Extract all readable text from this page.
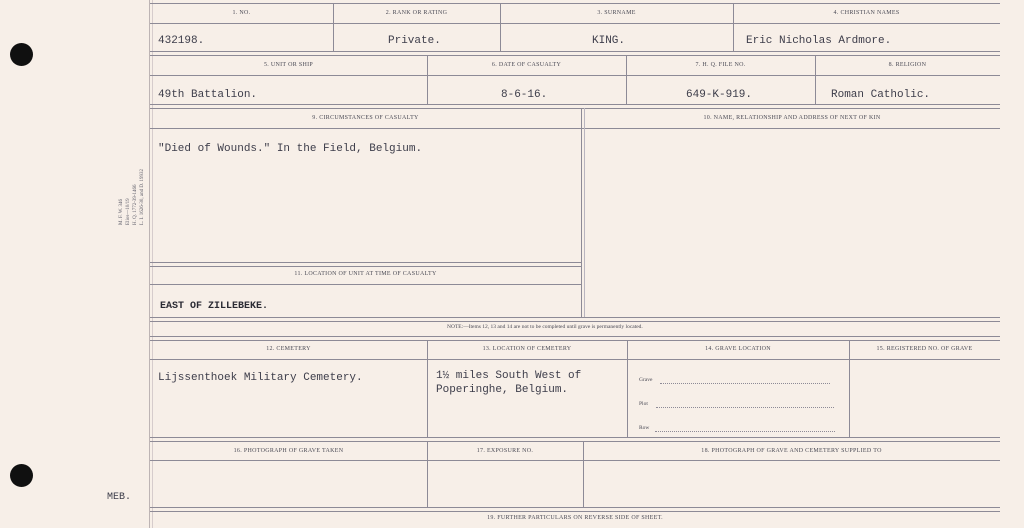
M. F. W. 346 Elios—10/19 H. Q. 1772-39-1466 L. I. 1626-30, and D. 19932
1. NO.	2. RANK OR RATING	3. SURNAME	4. CHRISTIAN NAMES
432198.	Private.	KING.	Eric Nicholas Ardmore.
5. UNIT OR SHIP	6. DATE OF CASUALTY	7. H. Q. FILE NO.	8. RELIGION
49th Battalion.	8-6-16.	649-K-919.	Roman Catholic.
9. CIRCUMSTANCES OF CASUALTY	10. NAME, RELATIONSHIP AND ADDRESS OF NEXT OF KIN
"Died of Wounds." In the Field, Belgium.
11. LOCATION OF UNIT AT TIME OF CASUALTY
EAST OF ZILLEBEKE.
NOTE:—Items 12, 13 and 14 are not to be completed until grave is permanently located.
12. CEMETERY	13. LOCATION OF CEMETERY	14. GRAVE LOCATION	15. REGISTERED NO. OF GRAVE
Lijssenthoek Military Cemetery.	1½ miles South West of
Poperinghe, Belgium.
Grave
Plot
Row
16. PHOTOGRAPH OF GRAVE TAKEN	17. EXPOSURE NO.	18. PHOTOGRAPH OF GRAVE AND CEMETERY SUPPLIED TO
19. FURTHER PARTICULARS ON REVERSE SIDE OF SHEET.
MEB.
